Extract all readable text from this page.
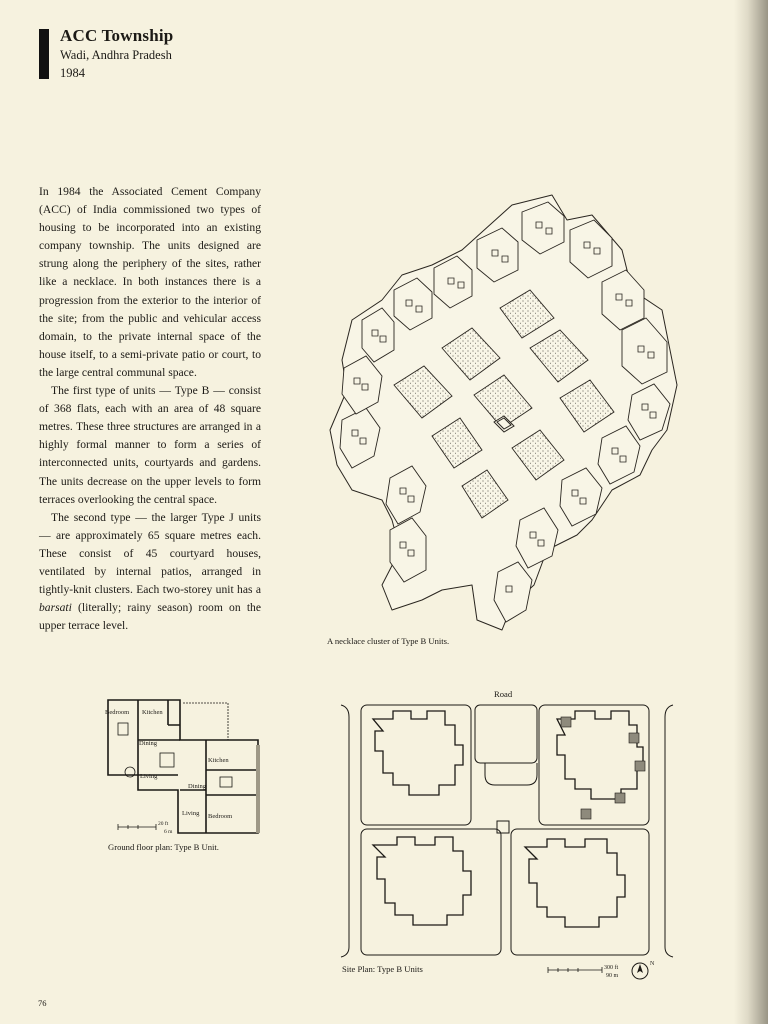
ACC Township
Wadi, Andhra Pradesh
1984

In 1984 the Associated Cement Company (ACC) of India commissioned two types of housing to be incorporated into an existing company township. The units designed are strung along the periphery of the sites, rather like a necklace. In both instances there is a progression from the exterior to the interior of the site; from the public and vehicular access domain, to the private internal space of the house itself, to a semi-private patio or court, to the large central communal space.

The first type of units — Type B — consist of 368 flats, each with an area of 48 square metres. These three structures are arranged in a highly formal manner to form a series of interconnected units, courtyards and gardens. The units decrease on the upper levels to form terraces overlooking the central space.

The second type — the larger Type J units — are approximately 65 square metres each. These consist of 45 courtyard houses, ventilated by internal patios, arranged in tightly-knit clusters. Each two-storey unit has a barsati (literally; rainy season) room on the upper terrace level.

A necklace cluster of Type B Units.
Bedroom Kitchen
Dining
Living
Kitchen
Dining
Living Bedroom
20 ft
6 m
Ground floor plan: Type B Unit.
Road
300 ft
90 m
N
Site Plan: Type B Units
76
